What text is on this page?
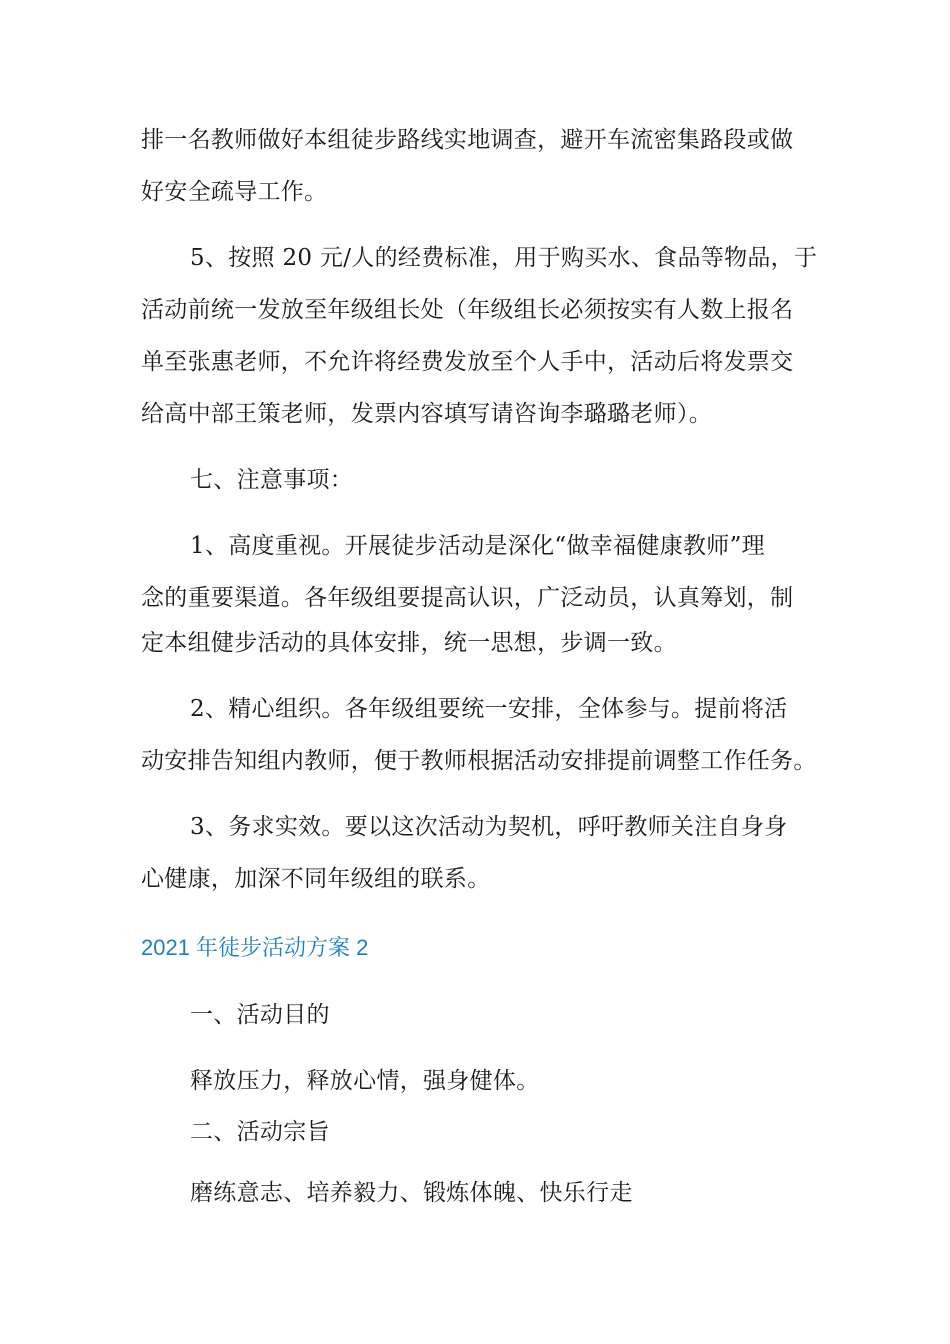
排一名教师做好本组徒步路线实地调查，避开车流密集路段或做
好安全疏导工作。
5、按照 20 元/人的经费标准，用于购买水、食品等物品，于
活动前统一发放至年级组长处（年级组长必须按实有人数上报名
单至张惠老师，不允许将经费发放至个人手中，活动后将发票交
给高中部王策老师，发票内容填写请咨询李璐璐老师）。
七、注意事项：
1、高度重视。开展徒步活动是深化“做幸福健康教师”理
念的重要渠道。各年级组要提高认识，广泛动员，认真筹划，制
定本组健步活动的具体安排，统一思想，步调一致。
2、精心组织。各年级组要统一安排，全体参与。提前将活
动安排告知组内教师，便于教师根据活动安排提前调整工作任务。
3、务求实效。要以这次活动为契机，呼吁教师关注自身身
心健康，加深不同年级组的联系。
2021 年徒步活动方案 2
一、活动目的
释放压力，释放心情，强身健体。
二、活动宗旨
磨练意志、培养毅力、锻炼体魄、快乐行走
